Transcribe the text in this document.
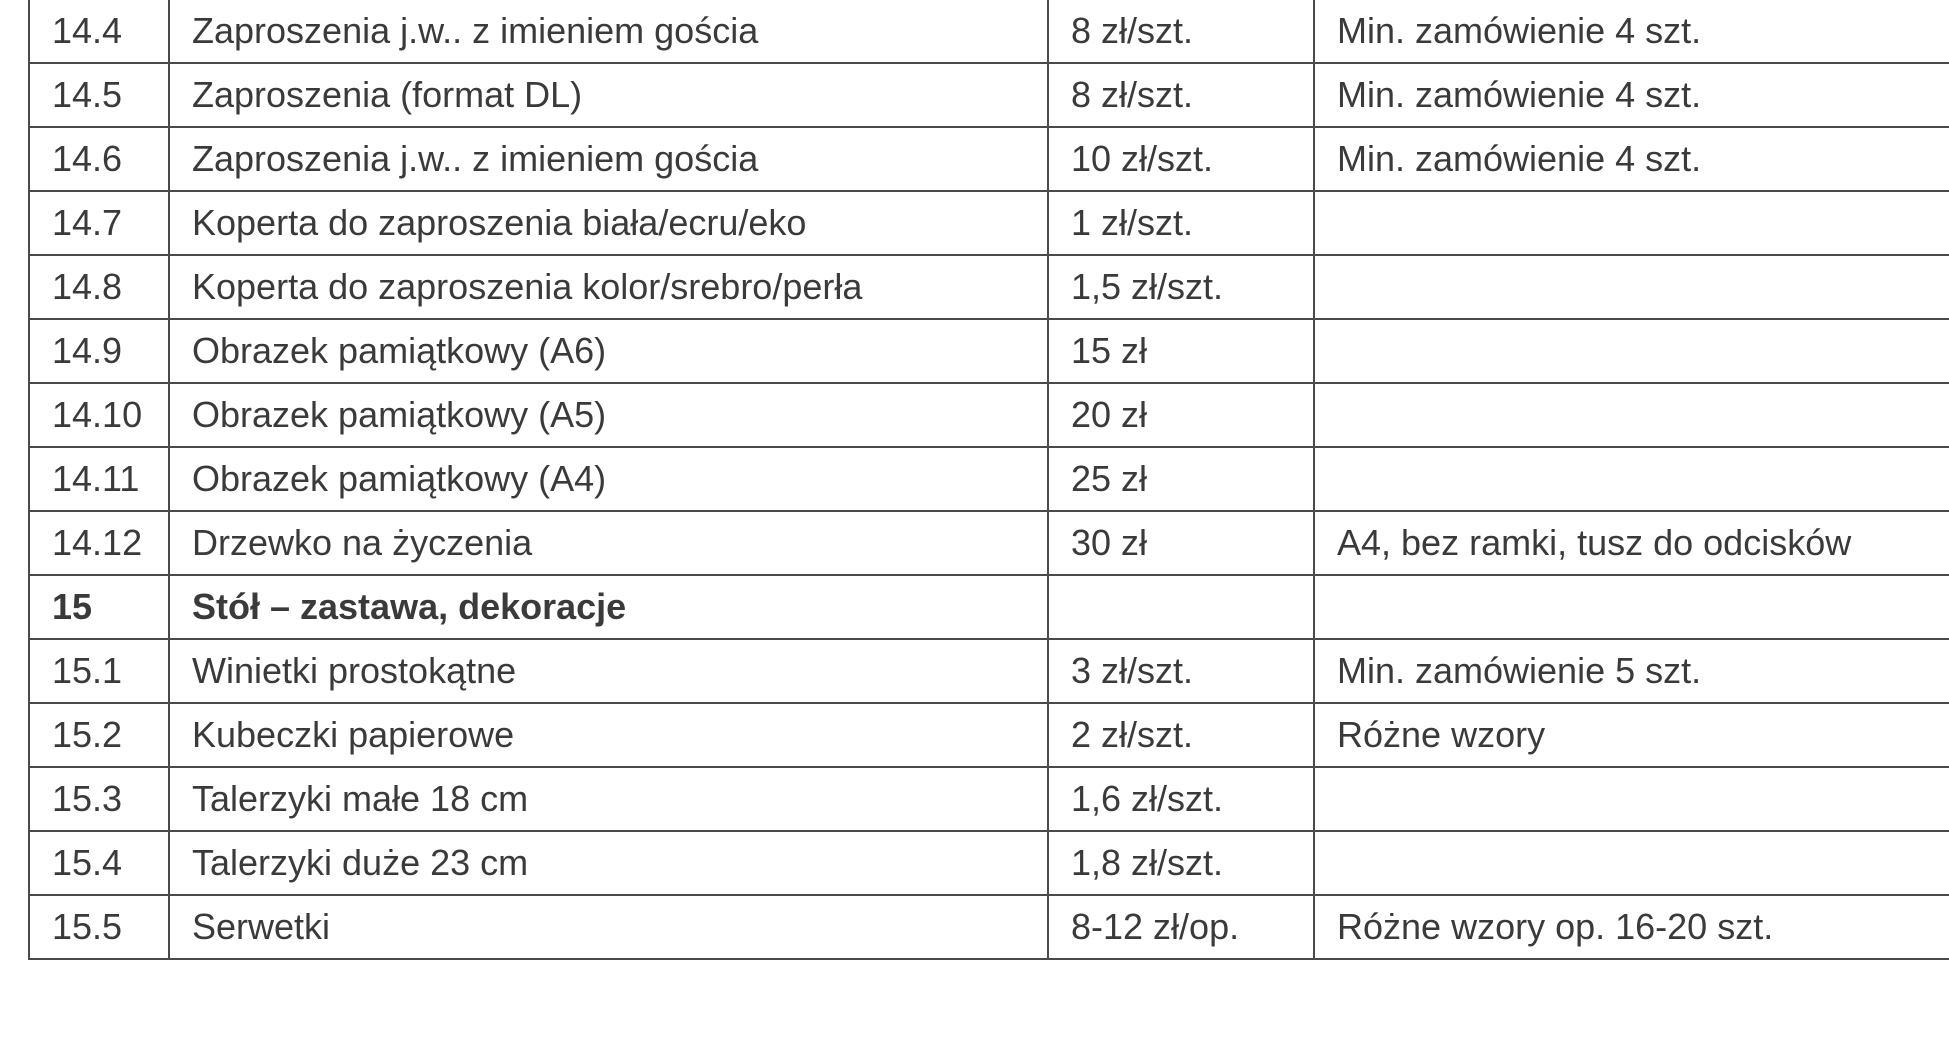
14.4	Zaproszenia j.w.. z imieniem gościa	8 zł/szt.	Min. zamówienie 4 szt.
14.5	Zaproszenia (format DL)	8 zł/szt.	Min. zamówienie 4 szt.
14.6	Zaproszenia j.w.. z imieniem gościa	10 zł/szt.	Min. zamówienie 4 szt.
14.7	Koperta do zaproszenia biała/ecru/eko	1 zł/szt.	
14.8	Koperta do zaproszenia kolor/srebro/perła	1,5 zł/szt.	
14.9	Obrazek pamiątkowy (A6)	15 zł	
14.10	Obrazek pamiątkowy (A5)	20 zł	
14.11	Obrazek pamiątkowy (A4)	25 zł	
14.12	Drzewko na życzenia	30 zł	A4, bez ramki, tusz do odcisków
15	Stół – zastawa, dekoracje		
15.1	Winietki prostokątne	3 zł/szt.	Min. zamówienie 5 szt.
15.2	Kubeczki papierowe	2 zł/szt.	Różne wzory
15.3	Talerzyki małe 18 cm	1,6 zł/szt.	
15.4	Talerzyki duże 23 cm	1,8 zł/szt.	
15.5	Serwetki	8-12 zł/op.	Różne wzory op. 16-20 szt.
